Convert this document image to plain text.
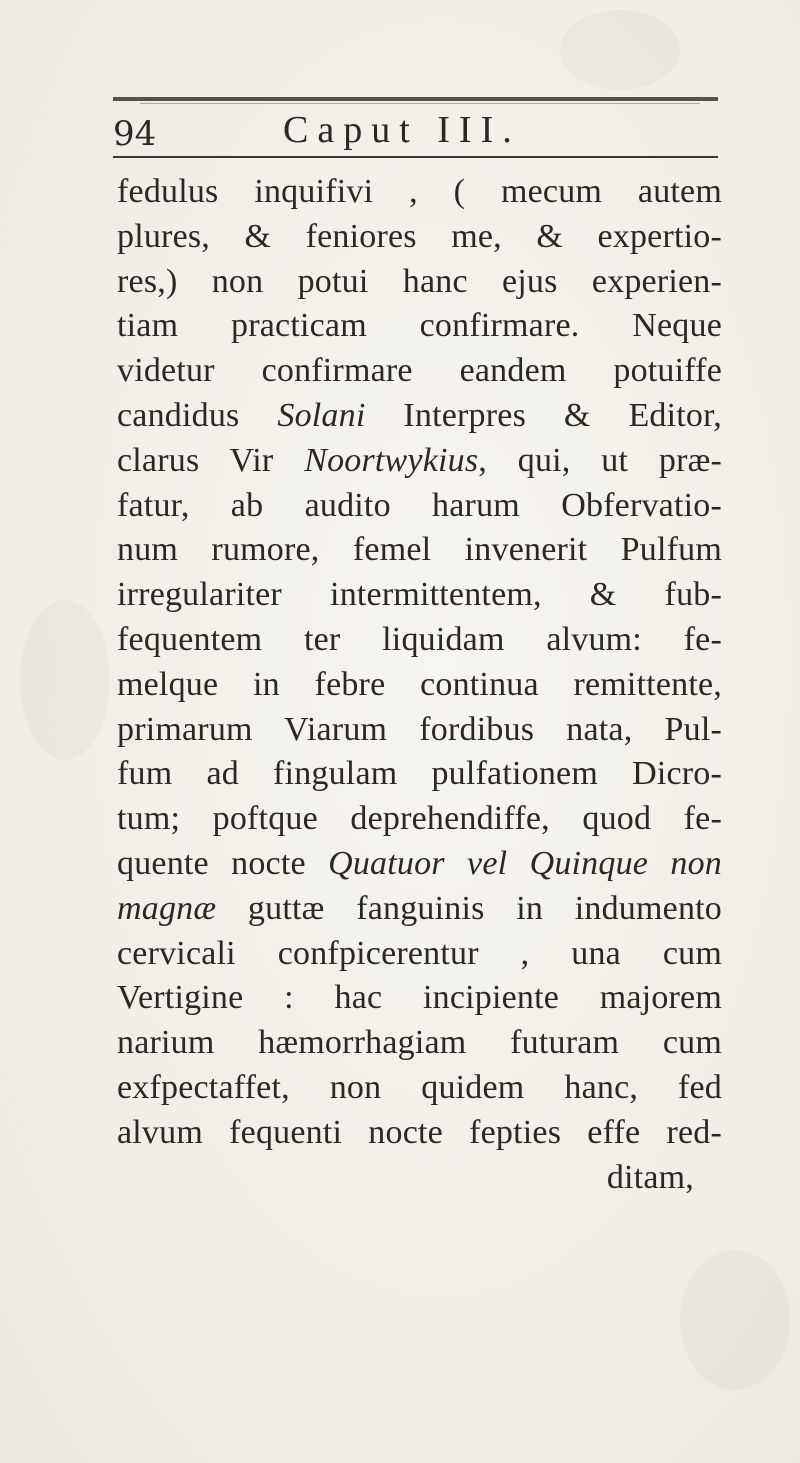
94	Caput III.
fedulus inquifivi , ( mecum autem
plures, & feniores me, & expertio-
res,) non potui hanc ejus experien-
tiam practicam confirmare. Neque
videtur confirmare eandem potuiffe
candidus Solani Interpres & Editor,
clarus Vir Noortwykius, qui, ut præ-
fatur, ab audito harum Obfervatio-
num rumore, femel invenerit Pulfum
irregulariter intermittentem, & fub-
fequentem ter liquidam alvum: fe-
melque in febre continua remittente,
primarum Viarum fordibus nata, Pul-
fum ad fingulam pulfationem Dicro-
tum; poftque deprehendiffe, quod fe-
quente nocte Quatuor vel Quinque non
magnæ guttæ fanguinis in indumento
cervicali confpicerentur , una cum
Vertigine : hac incipiente majorem
narium hæmorrhagiam futuram cum
exfpectaffet, non quidem hanc, fed
alvum fequenti nocte fepties effe red-
ditam,
